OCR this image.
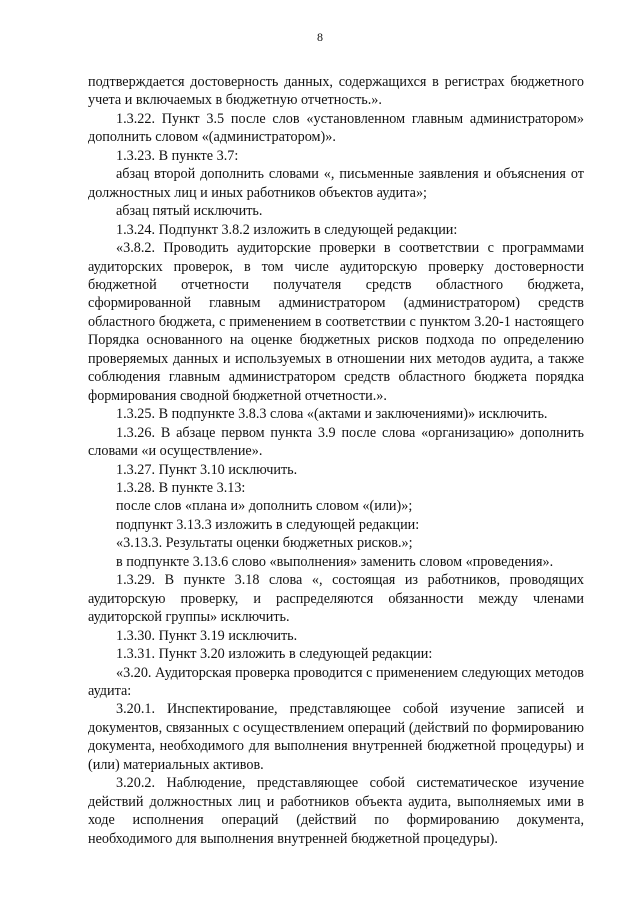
8

подтверждается достоверность данных, содержащихся в регистрах бюджетного учета и включаемых в бюджетную отчетность.».

1.3.22. Пункт 3.5 после слов «установленном главным администратором» дополнить словом «(администратором)».

1.3.23. В пункте 3.7:

абзац второй дополнить словами «, письменные заявления и объяснения от должностных лиц и иных работников объектов аудита»;

абзац пятый исключить.

1.3.24. Подпункт 3.8.2 изложить в следующей редакции:

«3.8.2. Проводить аудиторские проверки в соответствии с программами аудиторских проверок, в том числе аудиторскую проверку достоверности бюджетной отчетности получателя средств областного бюджета, сформированной главным администратором (администратором) средств областного бюджета, с применением в соответствии с пунктом 3.20-1 настоящего Порядка основанного на оценке бюджетных рисков подхода по определению проверяемых данных и используемых в отношении них методов аудита, а также соблюдения главным администратором средств областного бюджета порядка формирования сводной бюджетной отчетности.».

1.3.25. В подпункте 3.8.3 слова «(актами и заключениями)» исключить.

1.3.26. В абзаце первом пункта 3.9 после слова «организацию» дополнить словами «и осуществление».

1.3.27. Пункт 3.10 исключить.

1.3.28. В пункте 3.13:

после слов «плана и» дополнить словом «(или)»;

подпункт 3.13.3 изложить в следующей редакции:

«3.13.3. Результаты оценки бюджетных рисков.»;

в подпункте 3.13.6 слово «выполнения» заменить словом «проведения».

1.3.29. В пункте 3.18 слова «, состоящая из работников, проводящих аудиторскую проверку, и распределяются обязанности между членами аудиторской группы» исключить.

1.3.30. Пункт 3.19 исключить.

1.3.31. Пункт 3.20 изложить в следующей редакции:

«3.20. Аудиторская проверка проводится с применением следующих методов аудита:

3.20.1. Инспектирование, представляющее собой изучение записей и документов, связанных с осуществлением операций (действий по формированию документа, необходимого для выполнения внутренней бюджетной процедуры) и (или) материальных активов.

3.20.2. Наблюдение, представляющее собой систематическое изучение действий должностных лиц и работников объекта аудита, выполняемых ими в ходе исполнения операций (действий по формированию документа, необходимого для выполнения внутренней бюджетной процедуры).
